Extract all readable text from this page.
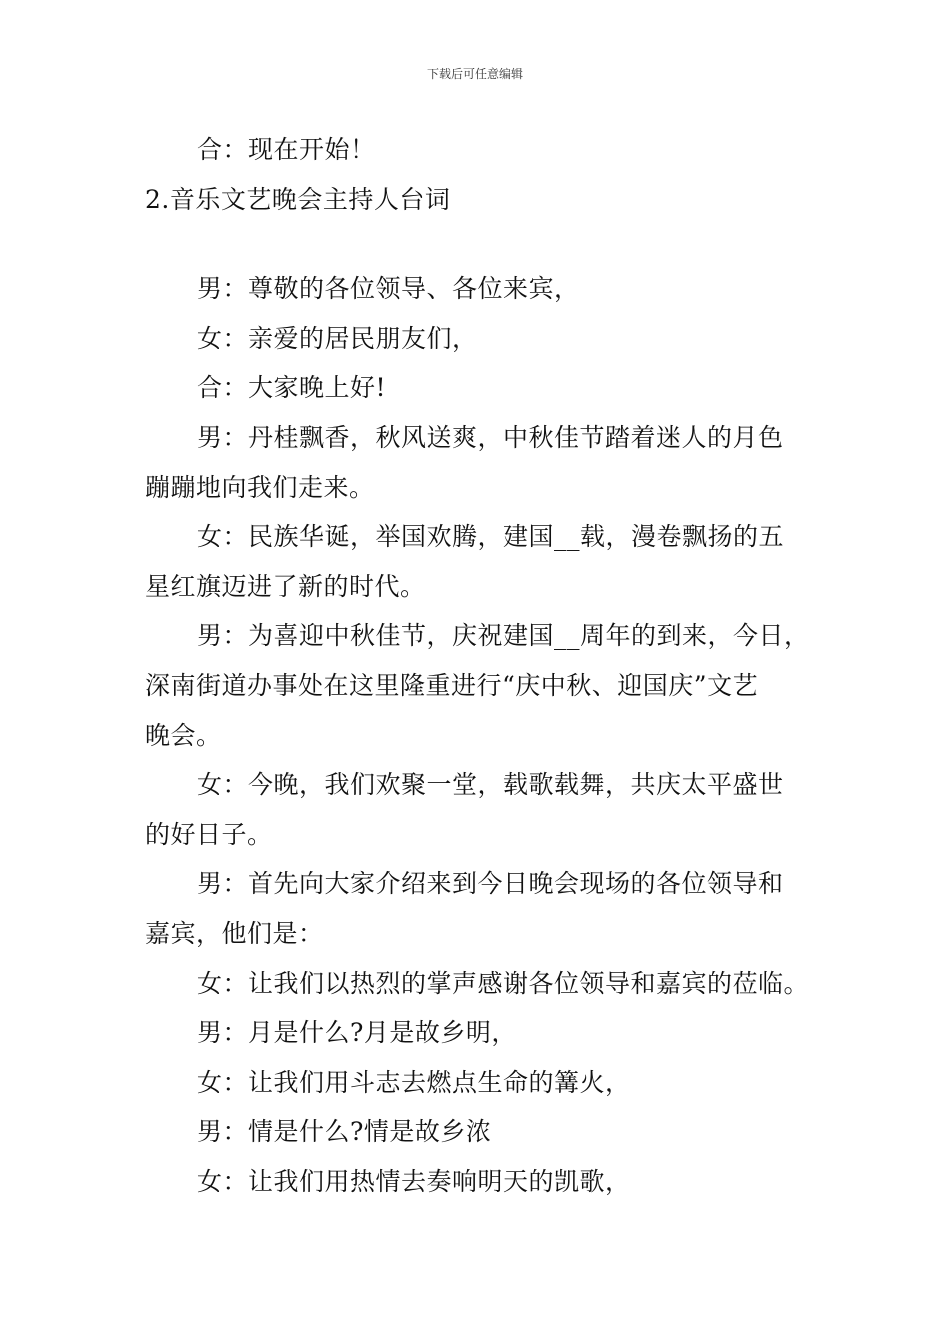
下载后可任意编辑
合：现在开始！
2.音乐文艺晚会主持人台词
男：尊敬的各位领导、各位来宾，
女：亲爱的居民朋友们，
合：大家晚上好!
男：丹桂飘香，秋风送爽，中秋佳节踏着迷人的月色
蹦蹦地向我们走来。
女：民族华诞，举国欢腾，建国__载，漫卷飘扬的五
星红旗迈进了新的时代。
男：为喜迎中秋佳节，庆祝建国__周年的到来，今日，
深南街道办事处在这里隆重进行“庆中秋、迎国庆”文艺
晚会。
女：今晚，我们欢聚一堂，载歌载舞，共庆太平盛世
的好日子。
男：首先向大家介绍来到今日晚会现场的各位领导和
嘉宾，他们是：
女：让我们以热烈的掌声感谢各位领导和嘉宾的莅临。
男：月是什么?月是故乡明，
女：让我们用斗志去燃点生命的篝火，
男：情是什么?情是故乡浓
女：让我们用热情去奏响明天的凯歌，
